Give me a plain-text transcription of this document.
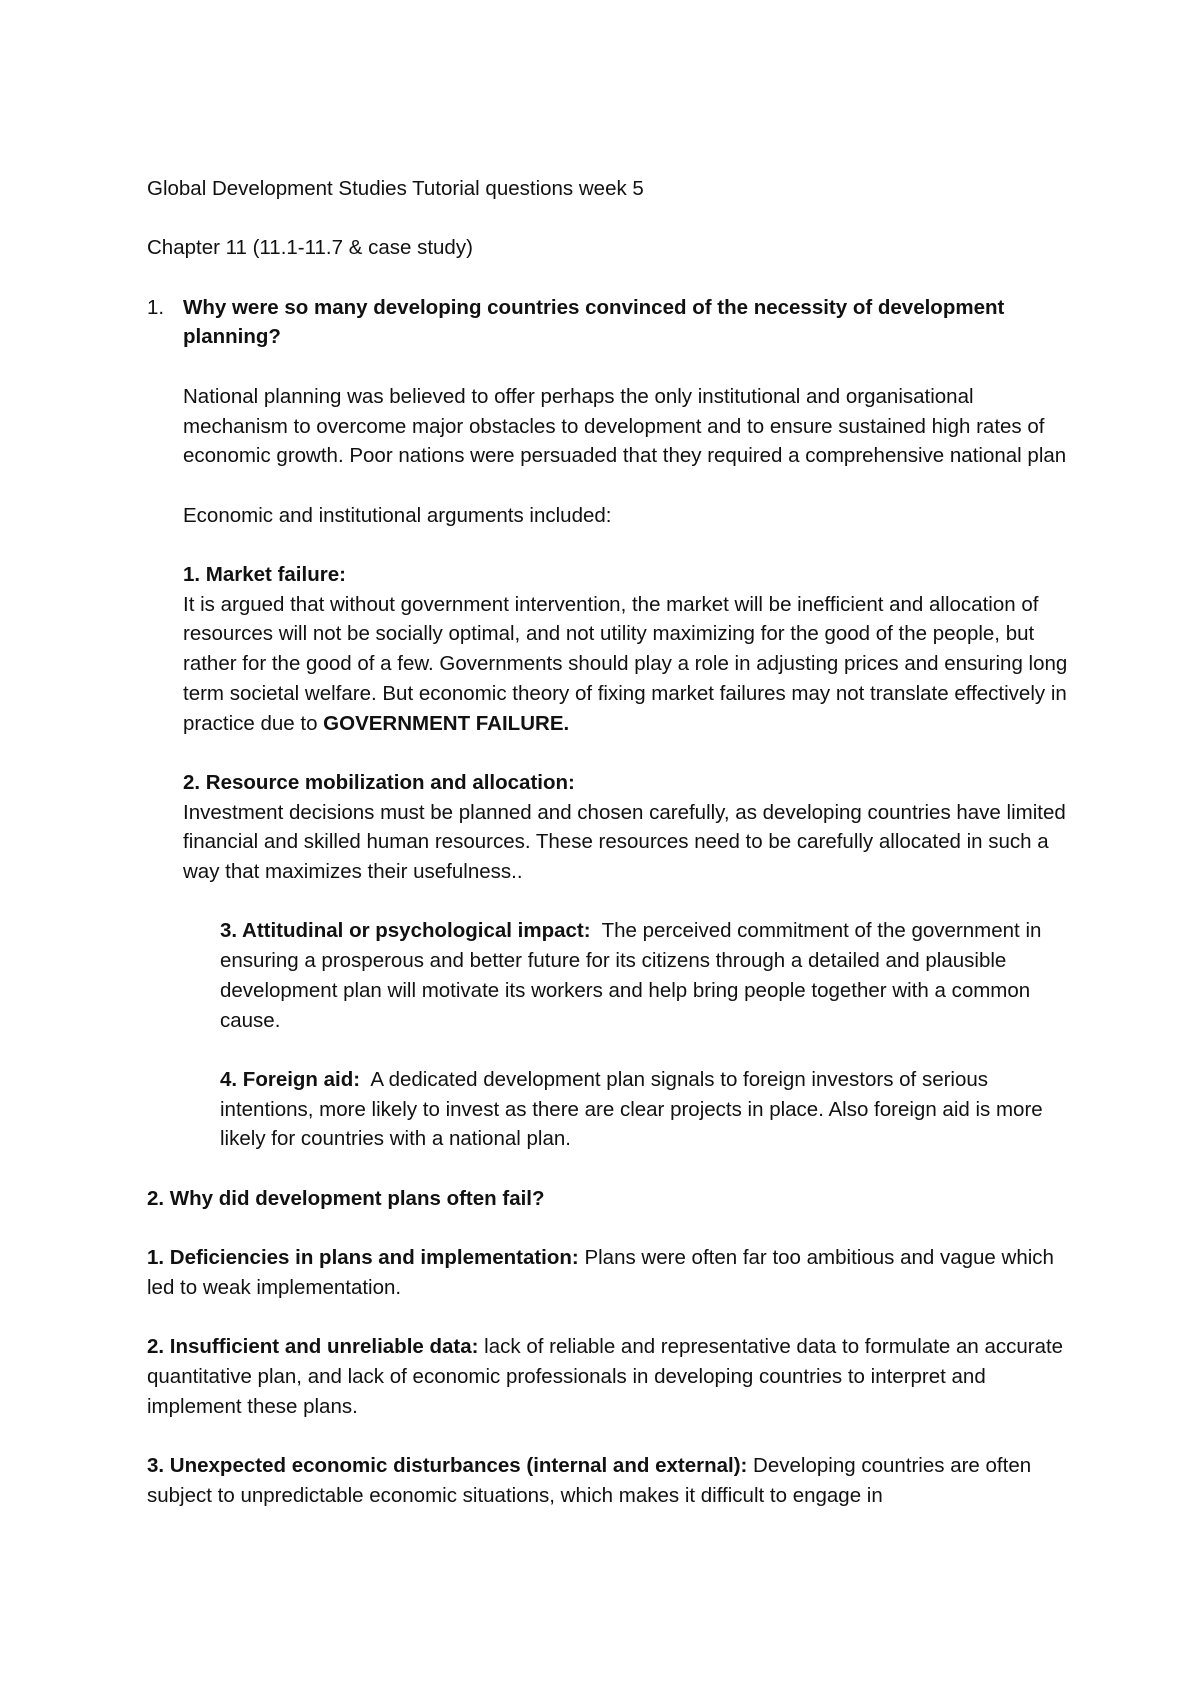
Global Development Studies Tutorial questions week 5

Chapter 11 (11.1-11.7 & case study)

1. Why were so many developing countries convinced of the necessity of development planning?

National planning was believed to offer perhaps the only institutional and organisational mechanism to overcome major obstacles to development and to ensure sustained high rates of economic growth. Poor nations were persuaded that they required a comprehensive national plan

Economic and institutional arguments included:

1. Market failure:
It is argued that without government intervention, the market will be inefficient and allocation of resources will not be socially optimal, and not utility maximizing for the good of the people, but rather for the good of a few. Governments should play a role in adjusting prices and ensuring long term societal welfare. But economic theory of fixing market failures may not translate effectively in practice due to GOVERNMENT FAILURE.
2. Resource mobilization and allocation:
Investment decisions must be planned and chosen carefully, as developing countries have limited financial and skilled human resources. These resources need to be carefully allocated in such a way that maximizes their usefulness..
3. Attitudinal or psychological impact:  The perceived commitment of the government in ensuring a prosperous and better future for its citizens through a detailed and plausible development plan will motivate its workers and help bring people together with a common cause.
4. Foreign aid:  A dedicated development plan signals to foreign investors of serious intentions, more likely to invest as there are clear projects in place. Also foreign aid is more likely for countries with a national plan.

2. Why did development plans often fail?

1. Deficiencies in plans and implementation: Plans were often far too ambitious and vague which led to weak implementation.

2. Insufficient and unreliable data: lack of reliable and representative data to formulate an accurate quantitative plan, and lack of economic professionals in developing countries to interpret and implement these plans.

3. Unexpected economic disturbances (internal and external): Developing countries are often subject to unpredictable economic situations, which makes it difficult to engage in
